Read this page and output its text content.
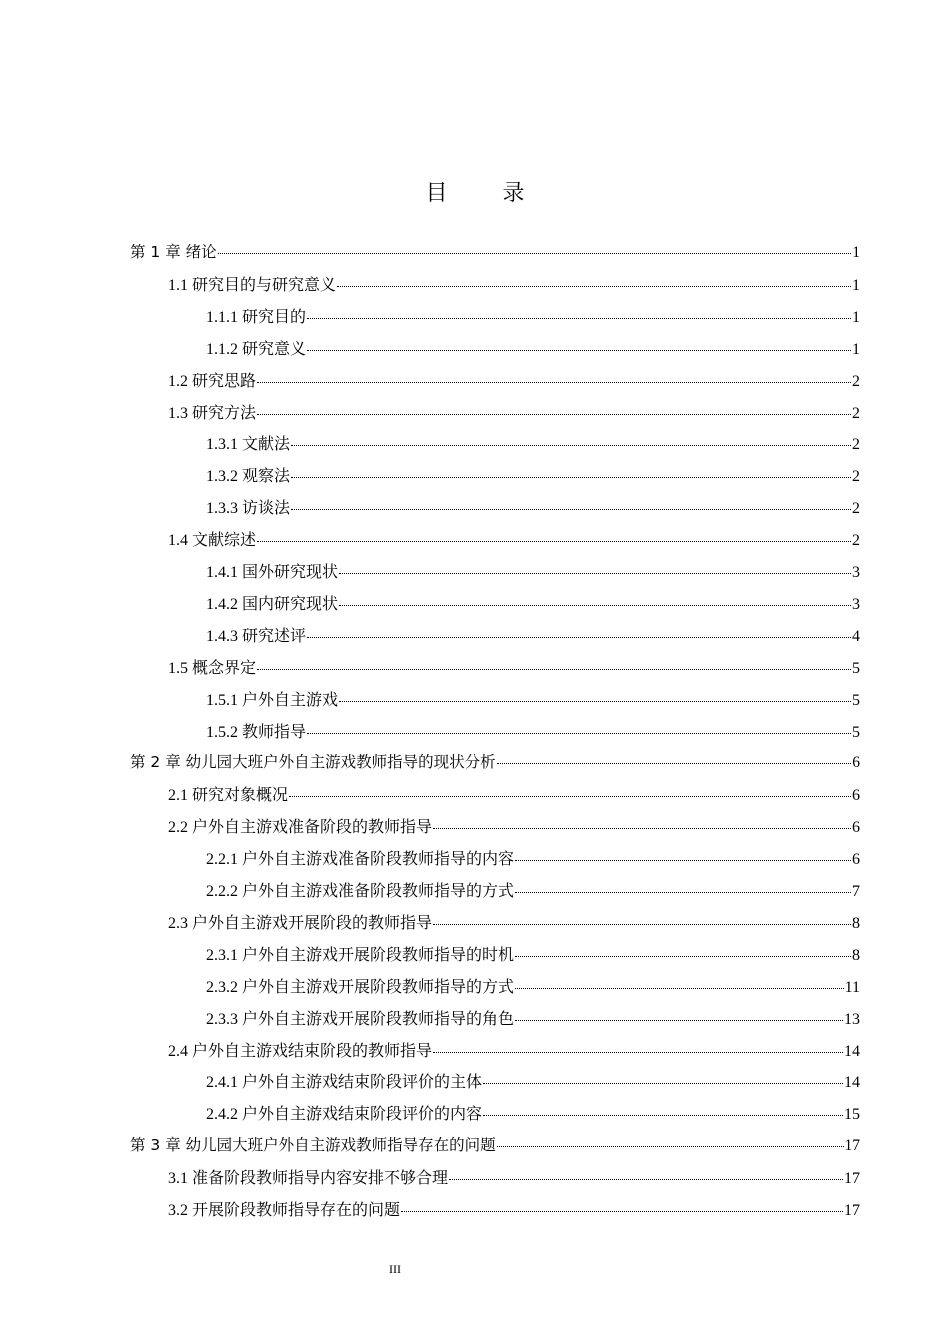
目 录
第 1 章 绪论	1
1.1 研究目的与研究意义	1
1.1.1 研究目的	1
1.1.2 研究意义	1
1.2 研究思路	2
1.3 研究方法	2
1.3.1 文献法	2
1.3.2 观察法	2
1.3.3 访谈法	2
1.4 文献综述	2
1.4.1 国外研究现状	3
1.4.2 国内研究现状	3
1.4.3 研究述评	4
1.5 概念界定	5
1.5.1 户外自主游戏	5
1.5.2 教师指导	5
第 2 章 幼儿园大班户外自主游戏教师指导的现状分析	6
2.1 研究对象概况	6
2.2 户外自主游戏准备阶段的教师指导	6
2.2.1 户外自主游戏准备阶段教师指导的内容	6
2.2.2 户外自主游戏准备阶段教师指导的方式	7
2.3 户外自主游戏开展阶段的教师指导	8
2.3.1 户外自主游戏开展阶段教师指导的时机	8
2.3.2 户外自主游戏开展阶段教师指导的方式	11
2.3.3 户外自主游戏开展阶段教师指导的角色	13
2.4 户外自主游戏结束阶段的教师指导	14
2.4.1 户外自主游戏结束阶段评价的主体	14
2.4.2 户外自主游戏结束阶段评价的内容	15
第 3 章 幼儿园大班户外自主游戏教师指导存在的问题	17
3.1 准备阶段教师指导内容安排不够合理	17
3.2 开展阶段教师指导存在的问题	17
III
